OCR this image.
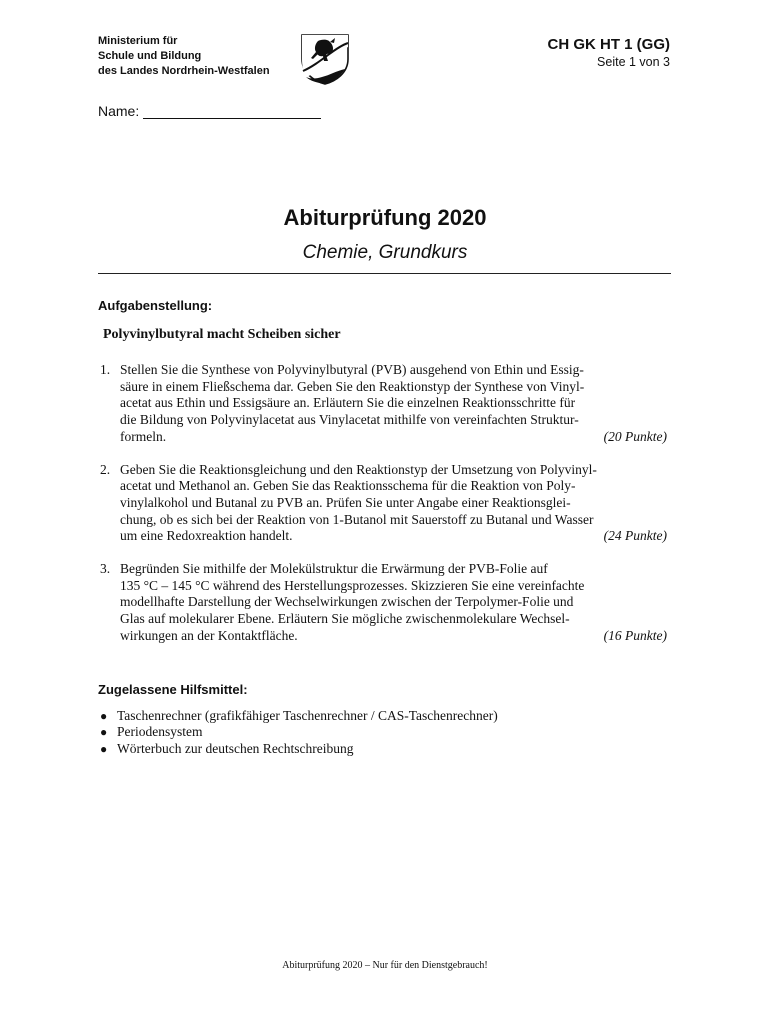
Ministerium für
Schule und Bildung
des Landes Nordrhein-Westfalen
CH GK HT 1 (GG)
Seite 1 von 3
Name:
Abiturprüfung 2020
Chemie, Grundkurs
Aufgabenstellung:
Polyvinylbutyral macht Scheiben sicher
1. Stellen Sie die Synthese von Polyvinylbutyral (PVB) ausgehend von Ethin und Essig-
säure in einem Fließschema dar. Geben Sie den Reaktionstyp der Synthese von Vinyl-
acetat aus Ethin und Essigsäure an. Erläutern Sie die einzelnen Reaktionsschritte für
die Bildung von Polyvinylacetat aus Vinylacetat mithilfe von vereinfachten Struktur-
formeln.	(20 Punkte)
2. Geben Sie die Reaktionsgleichung und den Reaktionstyp der Umsetzung von Polyvinyl-
acetat und Methanol an. Geben Sie das Reaktionsschema für die Reaktion von Poly-
vinylalkohol und Butanal zu PVB an. Prüfen Sie unter Angabe einer Reaktionsglei-
chung, ob es sich bei der Reaktion von 1-Butanol mit Sauerstoff zu Butanal und Wasser
um eine Redoxreaktion handelt.	(24 Punkte)
3. Begründen Sie mithilfe der Molekülstruktur die Erwärmung der PVB-Folie auf
135 °C – 145 °C während des Herstellungsprozesses. Skizzieren Sie eine vereinfachte
modellhafte Darstellung der Wechselwirkungen zwischen der Terpolymer-Folie und
Glas auf molekularer Ebene. Erläutern Sie mögliche zwischenmolekulare Wechsel-
wirkungen an der Kontaktfläche.	(16 Punkte)
Zugelassene Hilfsmittel:
● Taschenrechner (grafikfähiger Taschenrechner / CAS-Taschenrechner)
● Periodensystem
● Wörterbuch zur deutschen Rechtschreibung
Abiturprüfung 2020 – Nur für den Dienstgebrauch!
